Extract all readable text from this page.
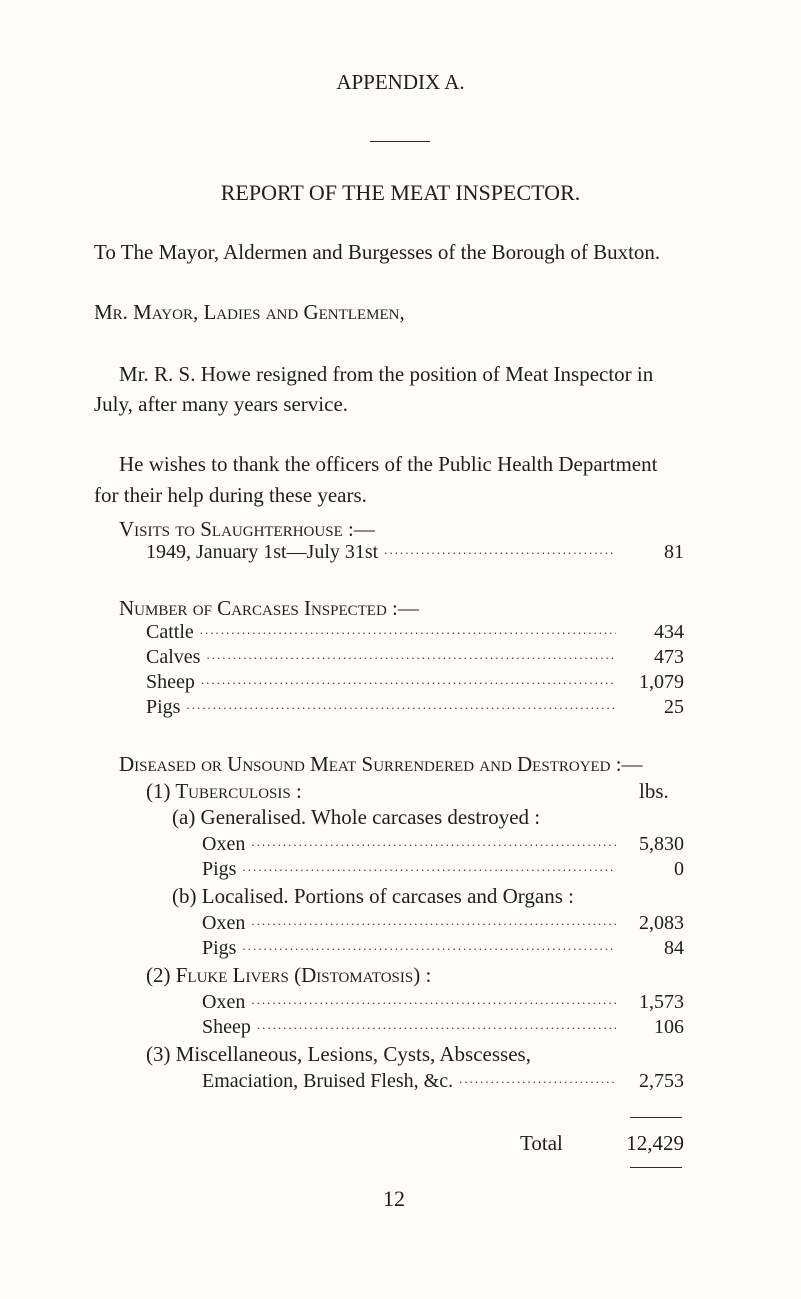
APPENDIX A.
REPORT OF THE MEAT INSPECTOR.
To The Mayor, Aldermen and Burgesses of the Borough of Buxton.
Mr. Mayor, Ladies and Gentlemen,
Mr. R. S. Howe resigned from the position of Meat Inspector in
July, after many years service.
He wishes to thank the officers of the Public Health Department
for their help during these years.
Visits to Slaughterhouse :—
1949, January 1st—July 31st .....	81
Number of Carcases Inspected :—
Cattle .....	434
Calves .....	473
Sheep .....	1,079
Pigs .....	25
Diseased or Unsound Meat Surrendered and Destroyed :—
(1) Tuberculosis :	lbs.
(a) Generalised. Whole carcases destroyed :
Oxen .....	5,830
Pigs .....	0
(b) Localised. Portions of carcases and Organs :
Oxen .....	2,083
Pigs .....	84
(2) Fluke Livers (Distomatosis) :
Oxen .....	1,573
Sheep .....	106
(3) Miscellaneous, Lesions, Cysts, Abscesses,
Emaciation, Bruised Flesh, &c. .....	2,753
Total	12,429
12
